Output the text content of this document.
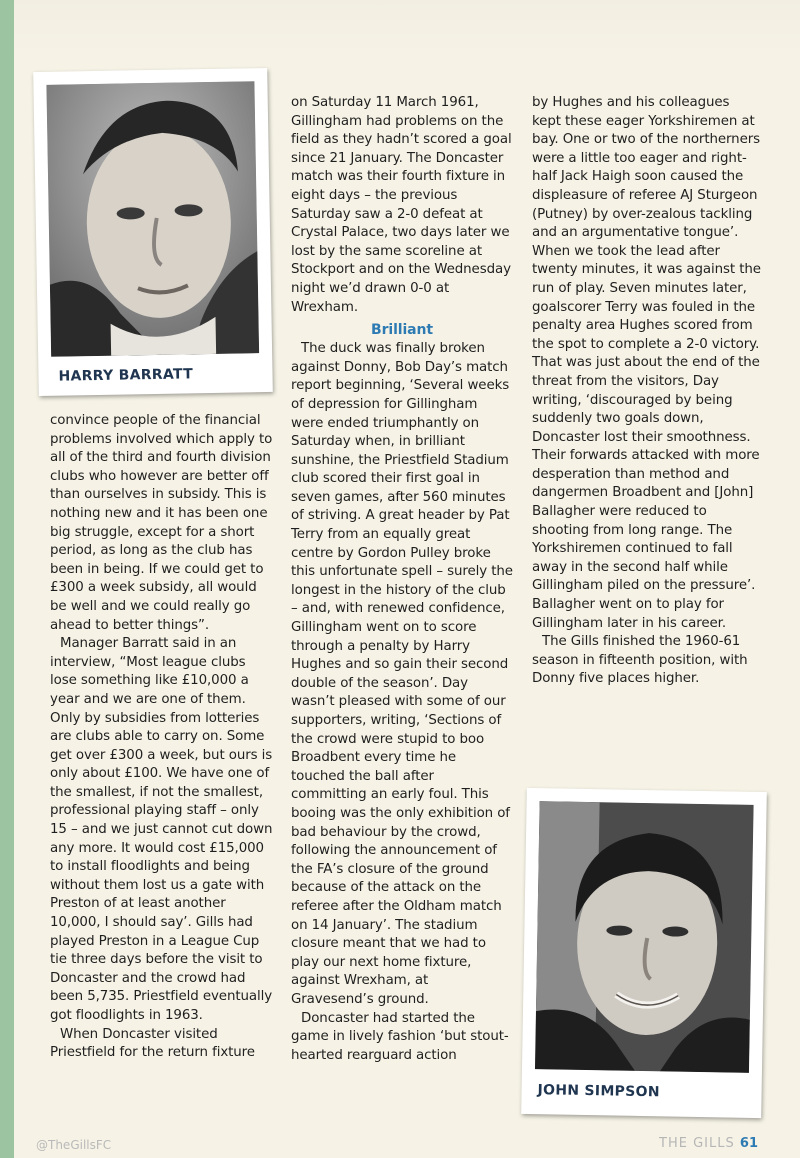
HARRY BARRATT

convince people of the financial problems involved which apply to all of the third and fourth division clubs who however are better off than ourselves in subsidy. This is nothing new and it has been one big struggle, except for a short period, as long as the club has been in being. If we could get to £300 a week subsidy, all would be well and we could really go ahead to better things”.

Manager Barratt said in an interview, “Most league clubs lose something like £10,000 a year and we are one of them. Only by subsidies from lotteries are clubs able to carry on. Some get over £300 a week, but ours is only about £100. We have one of the smallest, if not the smallest, professional playing staff – only 15 – and we just cannot cut down any more. It would cost £15,000 to install floodlights and being without them lost us a gate with Preston of at least another 10,000, I should say’. Gills had played Preston in a League Cup tie three days before the visit to Doncaster and the crowd had been 5,735. Priestfield eventually got floodlights in 1963.

When Doncaster visited Priestfield for the return fixture

on Saturday 11 March 1961, Gillingham had problems on the field as they hadn’t scored a goal since 21 January. The Doncaster match was their fourth fixture in eight days – the previous Saturday saw a 2-0 defeat at Crystal Palace, two days later we lost by the same scoreline at Stockport and on the Wednesday night we’d drawn 0-0 at Wrexham.

Brilliant

The duck was finally broken against Donny, Bob Day’s match report beginning, ‘Several weeks of depression for Gillingham were ended triumphantly on Saturday when, in brilliant sunshine, the Priestfield Stadium club scored their first goal in seven games, after 560 minutes of striving. A great header by Pat Terry from an equally great centre by Gordon Pulley broke this unfortunate spell – surely the longest in the history of the club – and, with renewed confidence, Gillingham went on to score through a penalty by Harry Hughes and so gain their second double of the season’. Day wasn’t pleased with some of our supporters, writing, ‘Sections of the crowd were stupid to boo Broadbent every time he touched the ball after committing an early foul. This booing was the only exhibition of bad behaviour by the crowd, following the announcement of the FA’s closure of the ground because of the attack on the referee after the Oldham match on 14 January’. The stadium closure meant that we had to play our next home fixture, against Wrexham, at Gravesend’s ground.

Doncaster had started the game in lively fashion ‘but stout-hearted rearguard action

by Hughes and his colleagues kept these eager Yorkshiremen at bay. One or two of the northerners were a little too eager and right-half Jack Haigh soon caused the displeasure of referee AJ Sturgeon (Putney) by over-zealous tackling and an argumentative tongue’. When we took the lead after twenty minutes, it was against the run of play. Seven minutes later, goalscorer Terry was fouled in the penalty area Hughes scored from the spot to complete a 2-0 victory. That was just about the end of the threat from the visitors, Day writing, ‘discouraged by being suddenly two goals down, Doncaster lost their smoothness. Their forwards attacked with more desperation than method and dangermen Broadbent and [John] Ballagher were reduced to shooting from long range. The Yorkshiremen continued to fall away in the second half while Gillingham piled on the pressure’. Ballagher went on to play for Gillingham later in his career.

The Gills finished the 1960-61 season in fifteenth position, with Donny five places higher.

JOHN SIMPSON
@TheGillsFC	THE GILLS 61
